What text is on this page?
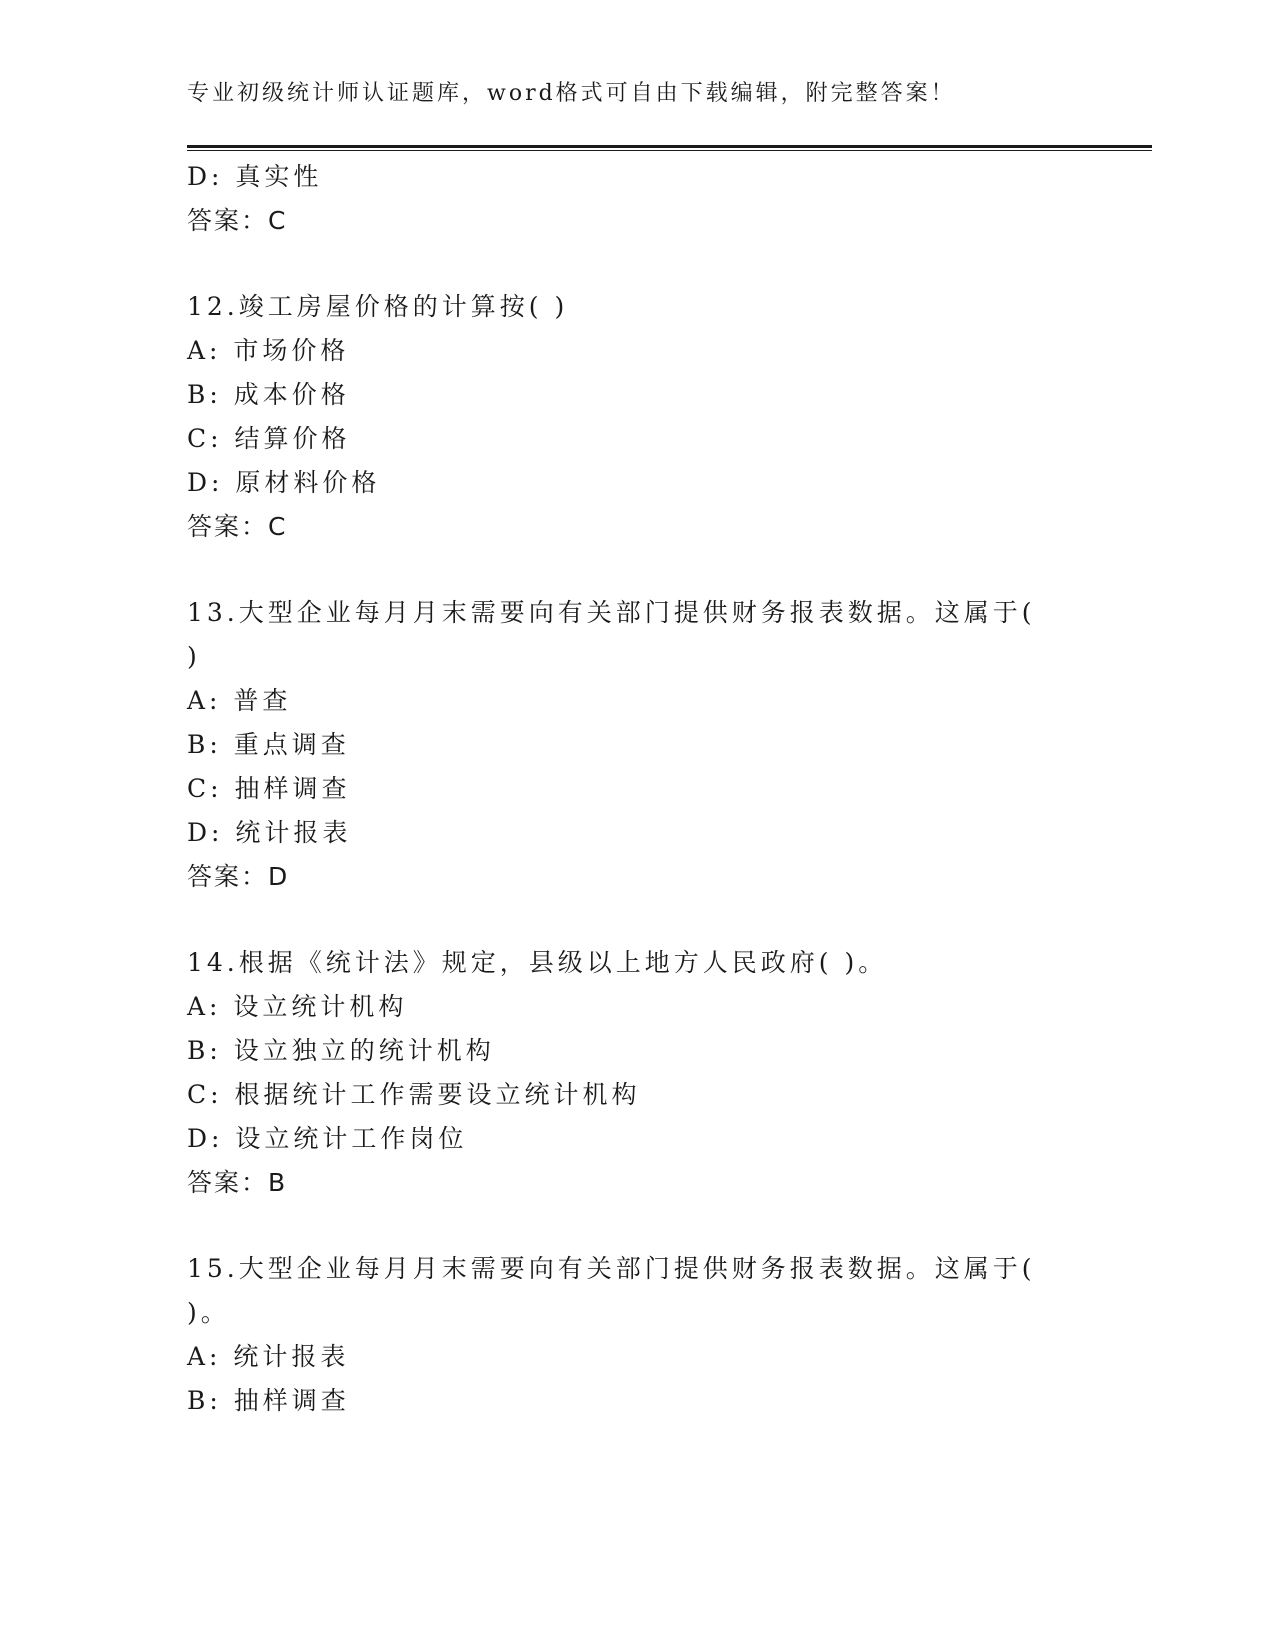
专业初级统计师认证题库，word格式可自由下载编辑，附完整答案！
D: 真实性
答案：C
12.竣工房屋价格的计算按( )
A: 市场价格
B: 成本价格
C: 结算价格
D: 原材料价格
答案：C
13.大型企业每月月末需要向有关部门提供财务报表数据。这属于(
)
A: 普查
B: 重点调查
C: 抽样调查
D: 统计报表
答案：D
14.根据《统计法》规定，县级以上地方人民政府( )。
A: 设立统计机构
B: 设立独立的统计机构
C: 根据统计工作需要设立统计机构
D: 设立统计工作岗位
答案：B
15.大型企业每月月末需要向有关部门提供财务报表数据。这属于(
)。
A: 统计报表
B: 抽样调查
